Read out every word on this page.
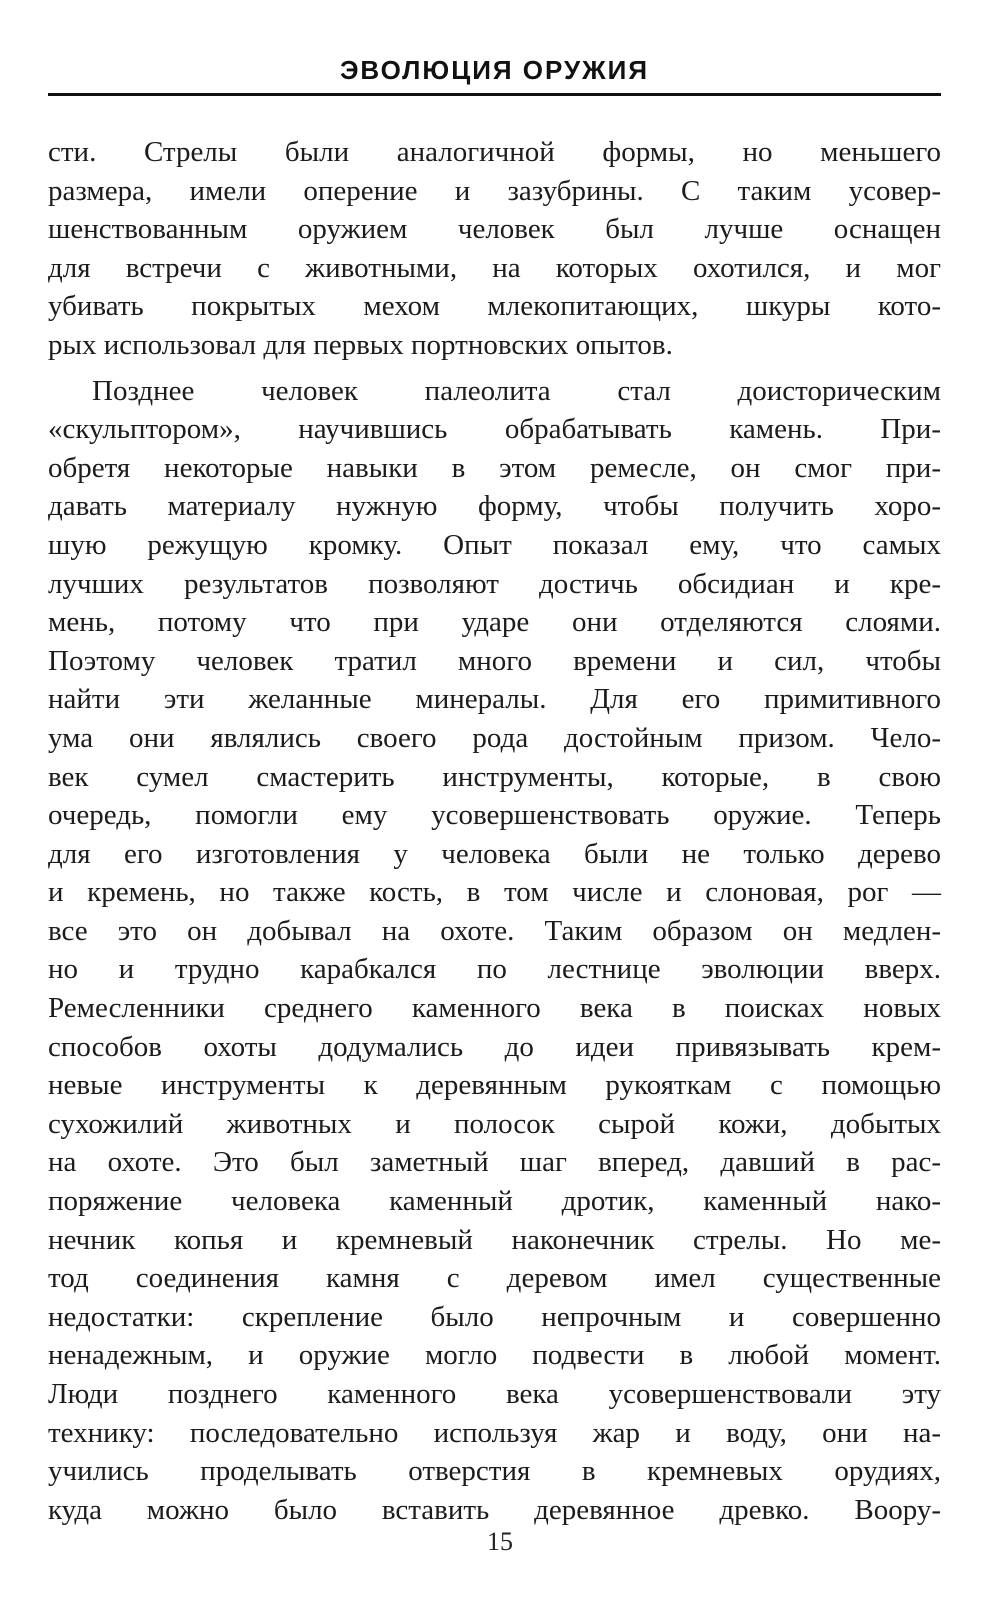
ЭВОЛЮЦИЯ ОРУЖИЯ
сти. Стрелы были аналогичной формы, но меньшего
размера, имели оперение и зазубрины. С таким усовер-
шенствованным оружием человек был лучше оснащен
для встречи с животными, на которых охотился, и мог
убивать покрытых мехом млекопитающих, шкуры кото-
рых использовал для первых портновских опытов.
Позднее человек палеолита стал доисторическим
«скульптором», научившись обрабатывать камень. При-
обретя некоторые навыки в этом ремесле, он смог при-
давать материалу нужную форму, чтобы получить хоро-
шую режущую кромку. Опыт показал ему, что самых
лучших результатов позволяют достичь обсидиан и кре-
мень, потому что при ударе они отделяются слоями.
Поэтому человек тратил много времени и сил, чтобы
найти эти желанные минералы. Для его примитивного
ума они являлись своего рода достойным призом. Чело-
век сумел смастерить инструменты, которые, в свою
очередь, помогли ему усовершенствовать оружие. Теперь
для его изготовления у человека были не только дерево
и кремень, но также кость, в том числе и слоновая, рог —
все это он добывал на охоте. Таким образом он медлен-
но и трудно карабкался по лестнице эволюции вверх.
Ремесленники среднего каменного века в поисках новых
способов охоты додумались до идеи привязывать крем-
невые инструменты к деревянным рукояткам с помощью
сухожилий животных и полосок сырой кожи, добытых
на охоте. Это был заметный шаг вперед, давший в рас-
поряжение человека каменный дротик, каменный нако-
нечник копья и кремневый наконечник стрелы. Но ме-
тод соединения камня с деревом имел существенные
недостатки: скрепление было непрочным и совершенно
ненадежным, и оружие могло подвести в любой момент.
Люди позднего каменного века усовершенствовали эту
технику: последовательно используя жар и воду, они на-
учились проделывать отверстия в кремневых орудиях,
куда можно было вставить деревянное древко. Воору-
15
